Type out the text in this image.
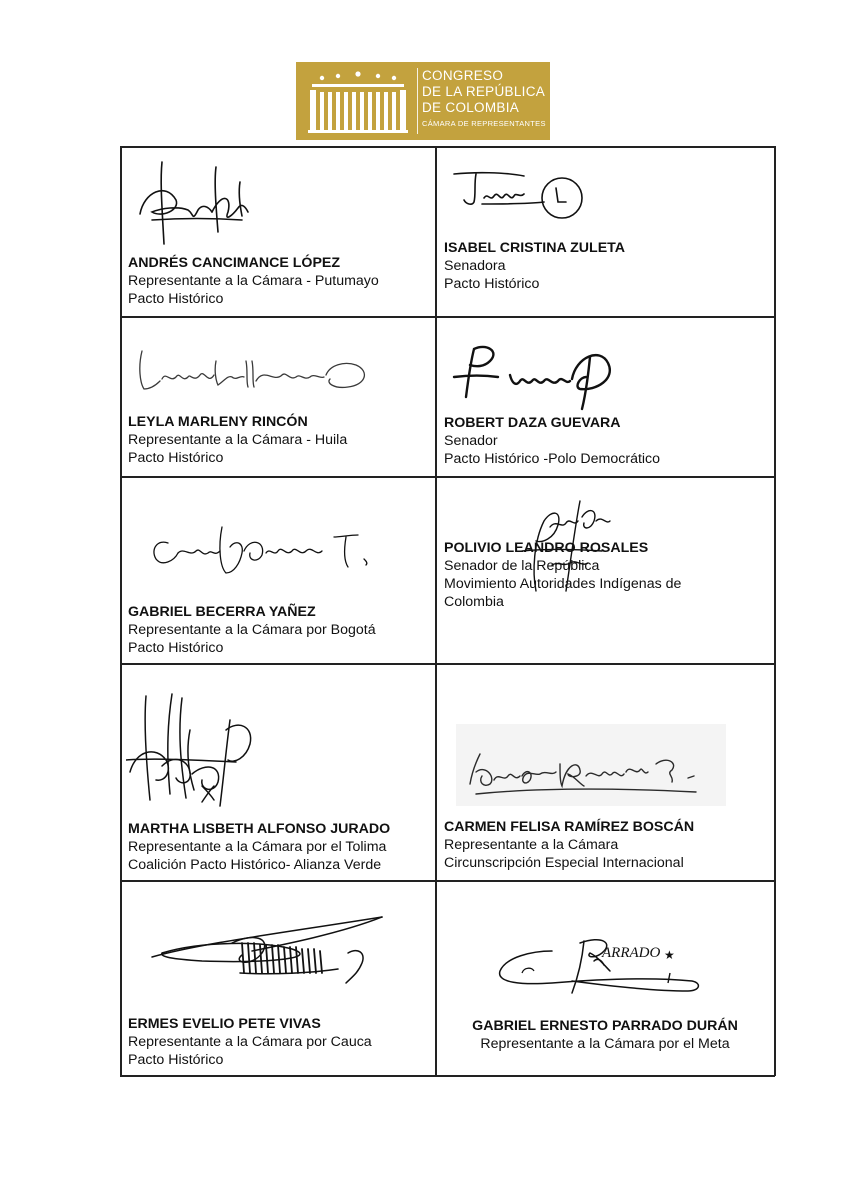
CONGRESO
DE LA REPÚBLICA
DE COLOMBIA
CÁMARA DE REPRESENTANTES
ANDRÉS CANCIMANCE LÓPEZ
Representante a la Cámara - Putumayo
Pacto Histórico
ISABEL CRISTINA ZULETA
Senadora
Pacto Histórico
LEYLA MARLENY RINCÓN
Representante a la Cámara - Huila
Pacto Histórico
ROBERT DAZA GUEVARA
Senador
Pacto Histórico -Polo Democrático
GABRIEL BECERRA YAÑEZ
Representante a la Cámara por Bogotá
Pacto Histórico
POLIVIO LEANDRO ROSALES
Senador de la República
Movimiento Autoridades Indígenas de
Colombia
MARTHA LISBETH ALFONSO JURADO
Representante a la Cámara por el Tolima
Coalición Pacto Histórico- Alianza Verde
CARMEN FELISA RAMÍREZ BOSCÁN
Representante a la Cámara
Circunscripción Especial Internacional
ERMES EVELIO PETE VIVAS
Representante a la Cámara por Cauca
Pacto Histórico
ARRADO ★
GABRIEL ERNESTO PARRADO DURÁN
Representante a la Cámara por el Meta
